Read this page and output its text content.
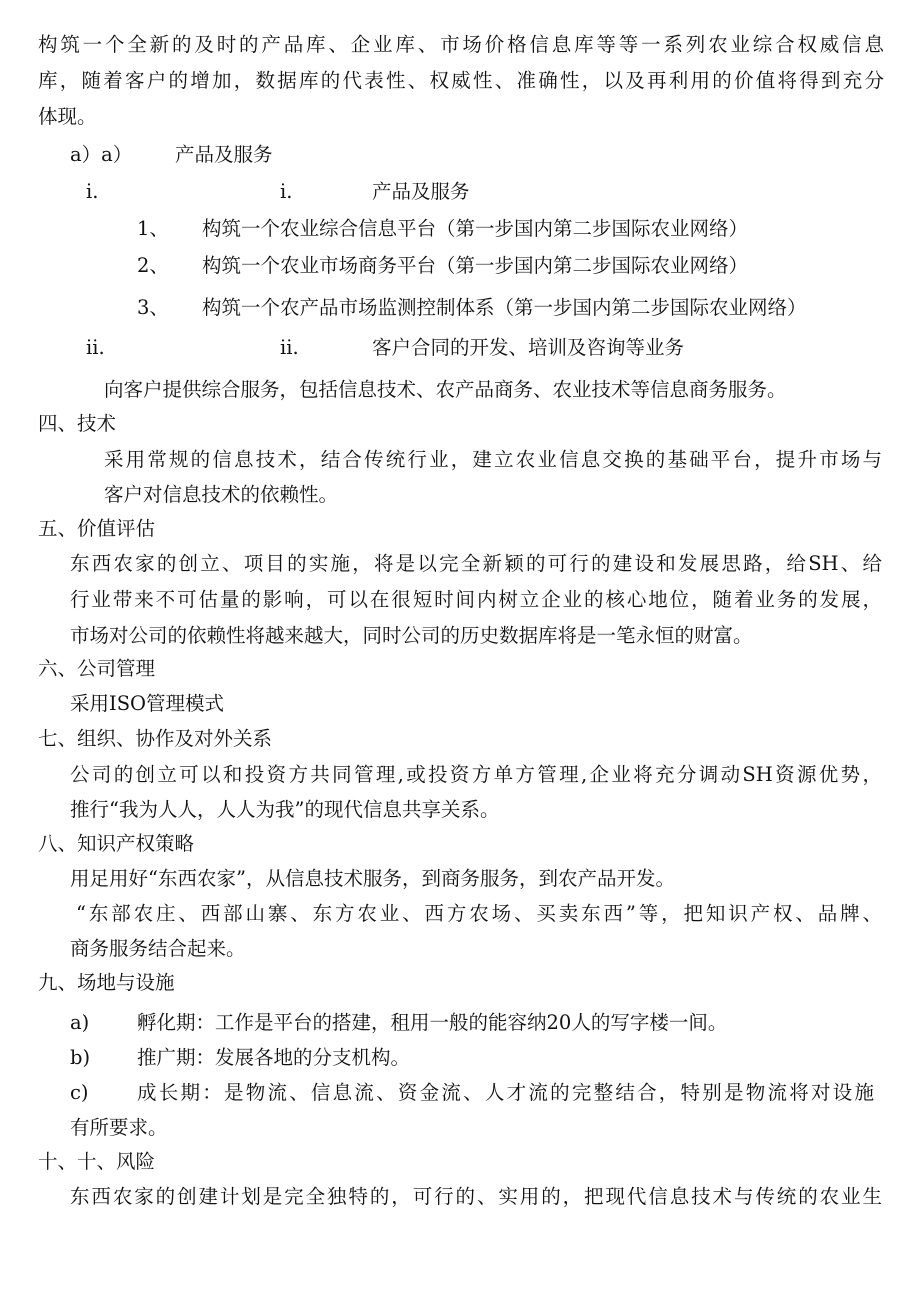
构筑一个全新的及时的产品库、企业库、市场价格信息库等等一系列农业综合权威信息
库，随着客户的增加，数据库的代表性、权威性、准确性，以及再利用的价值将得到充分
体现。
a）a） 产品及服务
i.	i.	产品及服务
1、 构筑一个农业综合信息平台（第一步国内第二步国际农业网络）
2、 构筑一个农业市场商务平台（第一步国内第二步国际农业网络）
3、 构筑一个农产品市场监测控制体系（第一步国内第二步国际农业网络）
ii.	ii.	客户合同的开发、培训及咨询等业务
向客户提供综合服务，包括信息技术、农产品商务、农业技术等信息商务服务。
四、技术
采用常规的信息技术，结合传统行业，建立农业信息交换的基础平台，提升市场与
客户对信息技术的依赖性。
五、价值评估
东西农家的创立、项目的实施，将是以完全新颖的可行的建设和发展思路，给SH、给
行业带来不可估量的影响，可以在很短时间内树立企业的核心地位，随着业务的发展，
市场对公司的依赖性将越来越大，同时公司的历史数据库将是一笔永恒的财富。
六、公司管理
采用ISO管理模式
七、组织、协作及对外关系
公司的创立可以和投资方共同管理,或投资方单方管理,企业将充分调动SH资源优势，
推行“我为人人，人人为我”的现代信息共享关系。
八、知识产权策略
用足用好“东西农家”，从信息技术服务，到商务服务，到农产品开发。
“东部农庄、西部山寨、东方农业、西方农场、买卖东西”等，把知识产权、品牌、
商务服务结合起来。
九、场地与设施
a) 孵化期：工作是平台的搭建，租用一般的能容纳20人的写字楼一间。
b) 推广期：发展各地的分支机构。
c) 成长期：是物流、信息流、资金流、人才流的完整结合，特别是物流将对设施
有所要求。
十、十、风险
东西农家的创建计划是完全独特的，可行的、实用的，把现代信息技术与传统的农业生
